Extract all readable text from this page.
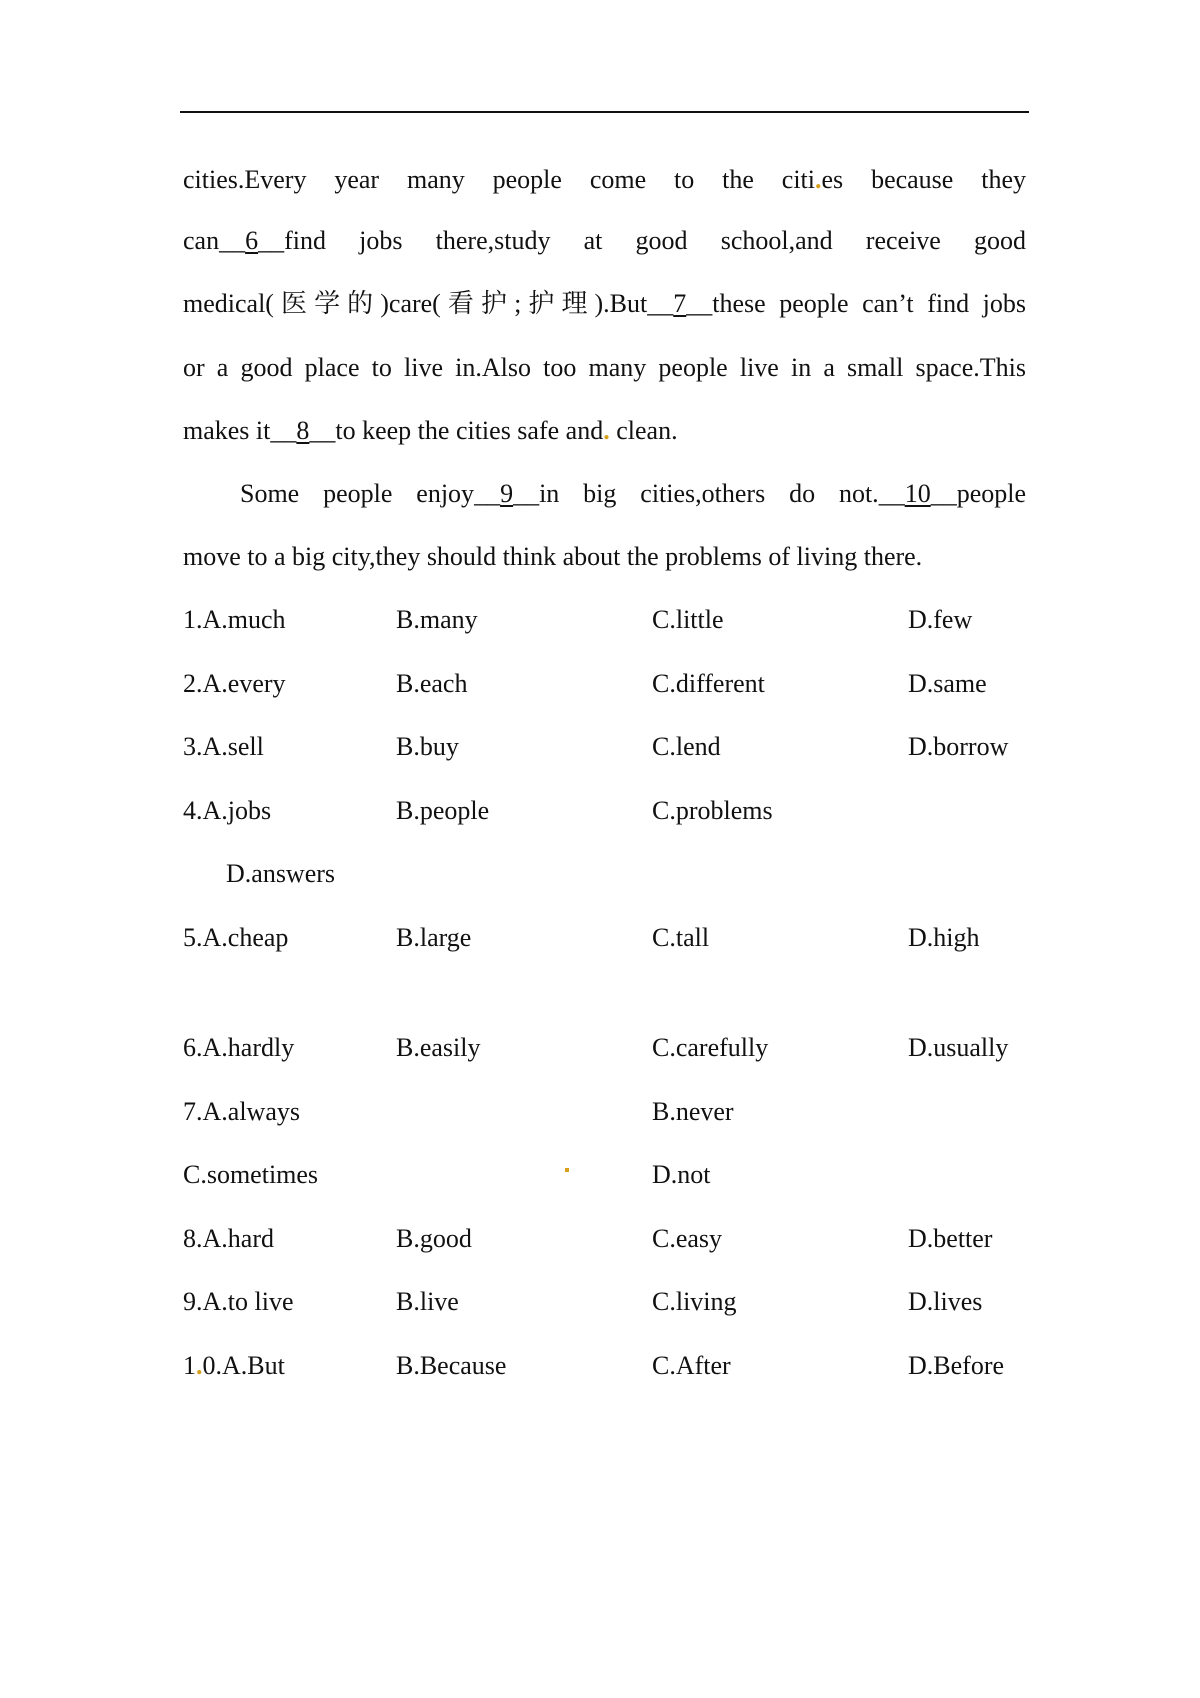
cities.Every year many people come to the citi.es because they
can__6__find jobs there,study at good school,and receive good
medical(医学的)care(看护;护理).But__7__these people can’t find jobs
or a good place to live in.Also too many people live in a small space.This
makes it__8__to keep the cities safe and. clean.
Some people enjoy__9__in big cities,others do not.__10__people
move to a big city,they should think about the problems of living there.
1.A.much	B.many	C.little	D.few
2.A.every	B.each	C.different	D.same
3.A.sell	B.buy	C.lend	D.borrow
4.A.jobs	B.people	C.problems
D.answers
5.A.cheap	B.large	C.tall	D.high
6.A.hardly	B.easily	C.carefully	D.usually
7.A.always	B.never
C.sometimes	D.not
8.A.hard	B.good	C.easy	D.better
9.A.to live	B.live	C.living	D.lives
1.0.A.But	B.Because	C.After	D.Before
